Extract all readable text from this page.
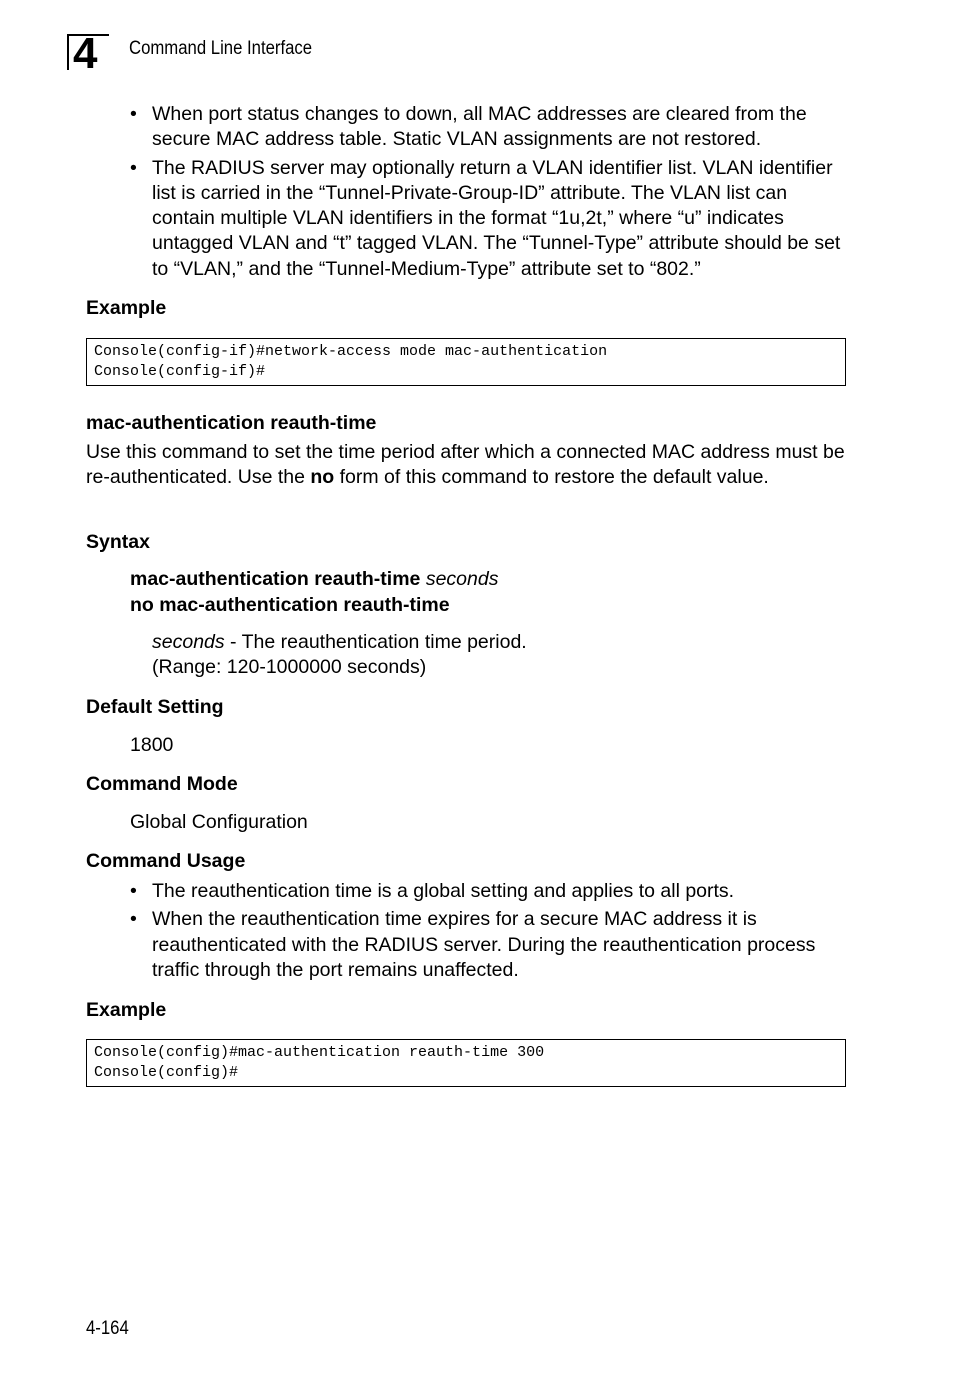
4	Command Line Interface
• When port status changes to down, all MAC addresses are cleared from the secure MAC address table. Static VLAN assignments are not restored.
• The RADIUS server may optionally return a VLAN identifier list. VLAN identifier list is carried in the “Tunnel-Private-Group-ID” attribute. The VLAN list can contain multiple VLAN identifiers in the format “1u,2t,” where “u” indicates untagged VLAN and “t” tagged VLAN. The “Tunnel-Type” attribute should be set to “VLAN,” and the “Tunnel-Medium-Type” attribute set to “802.”
Example
Console(config-if)#network-access mode mac-authentication
Console(config-if)#
mac-authentication reauth-time
Use this command to set the time period after which a connected MAC address must be re-authenticated. Use the no form of this command to restore the default value.
Syntax
mac-authentication reauth-time seconds
no mac-authentication reauth-time
seconds - The reauthentication time period.
(Range: 120-1000000 seconds)
Default Setting
1800
Command Mode
Global Configuration
Command Usage
• The reauthentication time is a global setting and applies to all ports.
• When the reauthentication time expires for a secure MAC address it is reauthenticated with the RADIUS server. During the reauthentication process traffic through the port remains unaffected.
Example
Console(config)#mac-authentication reauth-time 300
Console(config)#
4-164
